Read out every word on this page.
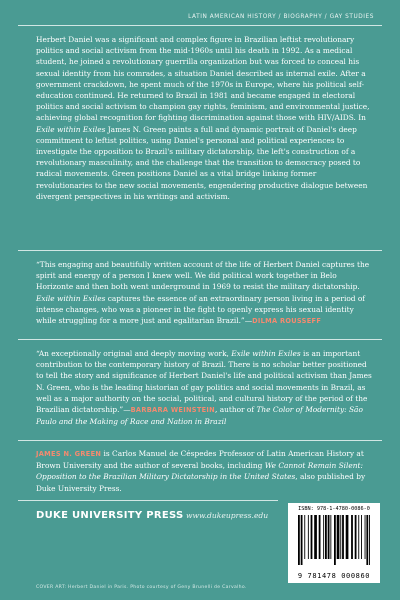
LATIN AMERICAN HISTORY / BIOGRAPHY / GAY STUDIES
Herbert Daniel was a significant and complex figure in Brazilian leftist revolutionary politics and social activism from the mid-1960s until his death in 1992. As a medical student, he joined a revolutionary guerrilla organization but was forced to conceal his sexual identity from his comrades, a situation Daniel described as internal exile. After a government crackdown, he spent much of the 1970s in Europe, where his political self-education continued. He returned to Brazil in 1981 and became engaged in electoral politics and social activism to champion gay rights, feminism, and environmental justice, achieving global recognition for fighting discrimination against those with HIV/AIDS. In Exile within Exiles James N. Green paints a full and dynamic portrait of Daniel's deep commitment to leftist politics, using Daniel's personal and political experiences to investigate the opposition to Brazil's military dictatorship, the left's construction of a revolutionary masculinity, and the challenge that the transition to democracy posed to radical movements. Green positions Daniel as a vital bridge linking former revolutionaries to the new social movements, engendering productive dialogue between divergent perspectives in his writings and activism.
“This engaging and beautifully written account of the life of Herbert Daniel captures the spirit and energy of a person I knew well. We did political work together in Belo Horizonte and then both went underground in 1969 to resist the military dictatorship. Exile within Exiles captures the essence of an extraordinary person living in a period of intense changes, who was a pioneer in the fight to openly express his sexual identity while struggling for a more just and egalitarian Brazil.”—DILMA ROUSSEFF
“An exceptionally original and deeply moving work, Exile within Exiles is an important contribution to the contemporary history of Brazil. There is no scholar better positioned to tell the story and significance of Herbert Daniel's life and political activism than James N. Green, who is the leading historian of gay politics and social movements in Brazil, as well as a major authority on the social, political, and cultural history of the period of the Brazilian dictatorship.”—BARBARA WEINSTEIN, author of The Color of Modernity: São Paulo and the Making of Race and Nation in Brazil
JAMES N. GREEN is Carlos Manuel de Céspedes Professor of Latin American History at Brown University and the author of several books, including We Cannot Remain Silent: Opposition to the Brazilian Military Dictatorship in the United States, also published by Duke University Press.
DUKE UNIVERSITY PRESS www.dukeupress.edu
ISBN: 978-1-4780-0086-0
9 781478 000860
COVER ART: Herbert Daniel in Paris. Photo courtesy of Geny Brunelli de Carvalho.
